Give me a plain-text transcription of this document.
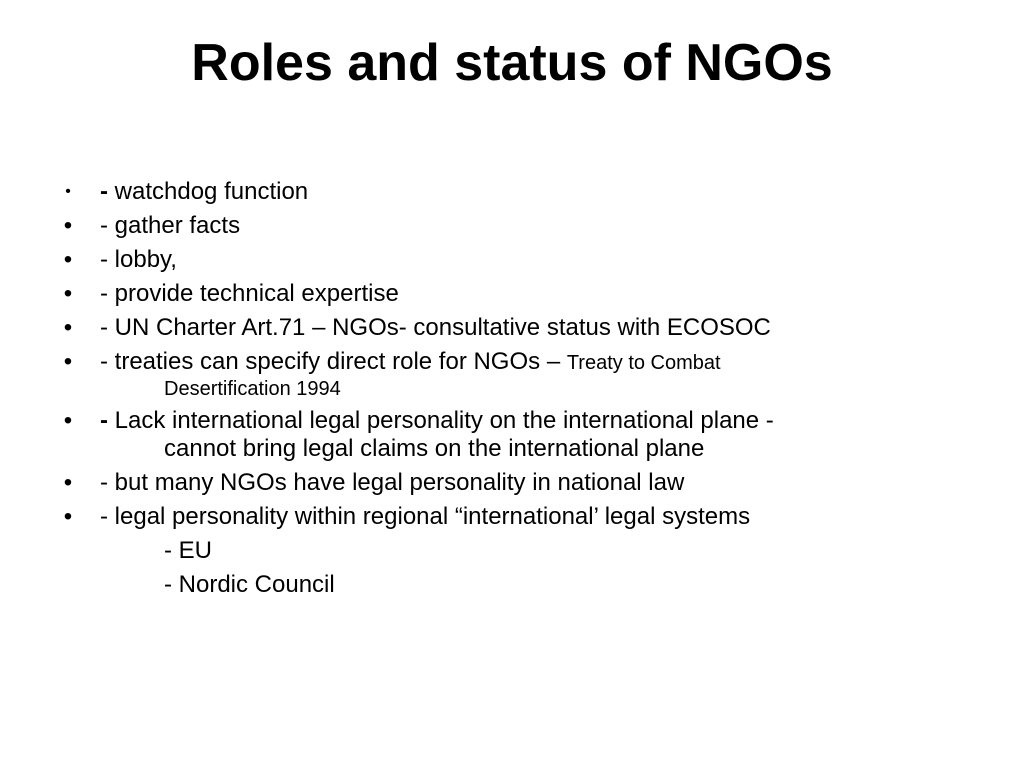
Roles and status of NGOs
•	- watchdog function
• - gather facts
• - lobby,
• - provide technical expertise
• - UN Charter Art.71 – NGOs- consultative status with ECOSOC
• - treaties can specify direct role for NGOs – Treaty to Combat
Desertification 1994
• - Lack international legal personality on the international plane -
cannot bring legal claims on the international plane
• - but many NGOs have legal personality in national law
• - legal personality within regional “international’ legal systems
- EU
- Nordic Council
